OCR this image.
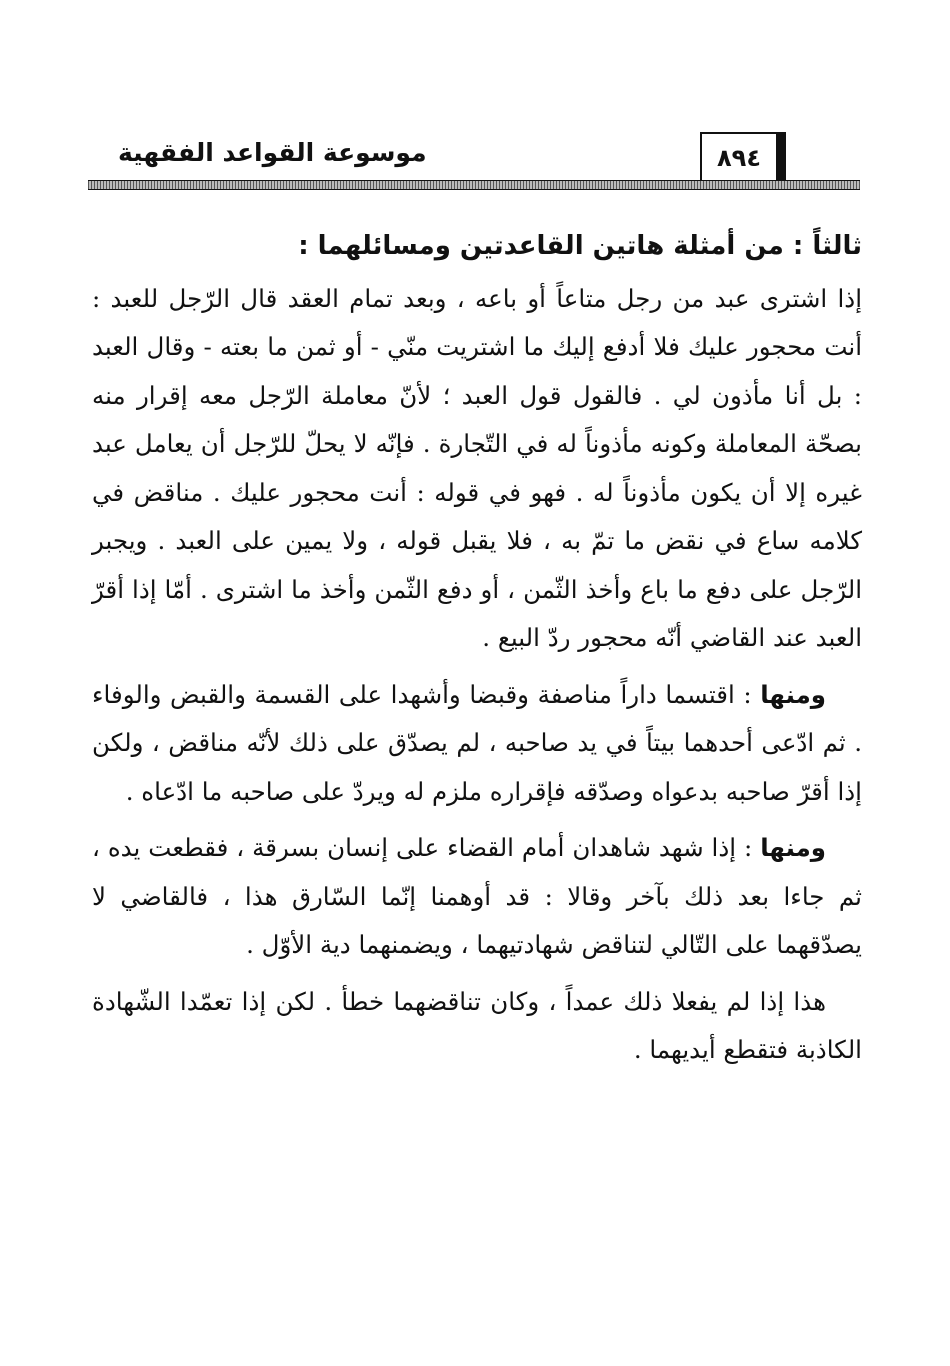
موسوعة القواعد الفقهية	٨٩٤
ثالثاً : من أمثلة هاتين القاعدتين ومسائلهما :

إذا اشترى عبد من رجل متاعاً أو باعه ، وبعد تمام العقد قال الرّجل للعبد : أنت محجور عليك فلا أدفع إليك ما اشتريت منّي - أو ثمن ما بعته - وقال العبد : بل أنا مأذون لي . فالقول قول العبد ؛ لأنّ معاملة الرّجل معه إقرار منه بصحّة المعاملة وكونه مأذوناً له في التّجارة . فإنّه لا يحلّ للرّجل أن يعامل عبد غيره إلا أن يكون مأذوناً له . فهو في قوله : أنت محجور عليك . مناقض في كلامه ساع في نقض ما تمّ به ، فلا يقبل قوله ، ولا يمين على العبد . ويجبر الرّجل على دفع ما باع وأخذ الثّمن ، أو دفع الثّمن وأخذ ما اشترى . أمّا إذا أقرّ العبد عند القاضي أنّه محجور ردّ البيع .

ومنها : اقتسما داراً مناصفة وقبضا وأشهدا على القسمة والقبض والوفاء . ثم ادّعى أحدهما بيتاً في يد صاحبه ، لم يصدّق على ذلك لأنّه مناقض ، ولكن إذا أقرّ صاحبه بدعواه وصدّقه فإقراره ملزم له ويردّ على صاحبه ما ادّعاه .

ومنها : إذا شهد شاهدان أمام القضاء على إنسان بسرقة ، فقطعت يده ، ثم جاءا بعد ذلك بآخر وقالا : قد أوهمنا إنّما السّارق هذا ، فالقاضي لا يصدّقهما على التّالي لتناقض شهادتيهما ، ويضمنهما دية الأوّل .

هذا إذا لم يفعلا ذلك عمداً ، وكان تناقضهما خطأ . لكن إذا تعمّدا الشّهادة الكاذبة فتقطع أيديهما .
